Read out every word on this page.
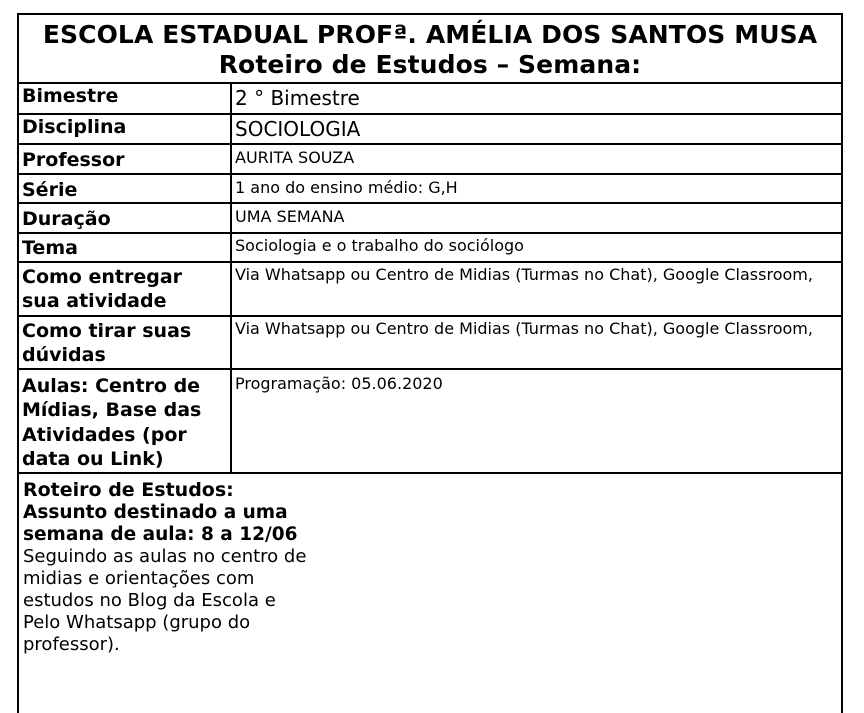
ESCOLA ESTADUAL PROFª. AMÉLIA DOS SANTOS MUSA
Roteiro de Estudos – Semana:
Bimestre	2 ° Bimestre
Disciplina	SOCIOLOGIA
Professor	AURITA SOUZA
Série	1 ano do ensino médio: G,H
Duração	UMA SEMANA
Tema	Sociologia e o trabalho do sociólogo
Como entregar sua atividade	Via Whatsapp ou Centro de Midias (Turmas no Chat), Google Classroom,
Como tirar suas dúvidas	Via Whatsapp ou Centro de Midias (Turmas no Chat), Google Classroom,
Aulas: Centro de Mídias, Base das Atividades (por data ou Link)	Programação: 05.06.2020
Roteiro de Estudos:
Assunto destinado a uma semana de aula: 8 a 12/06
Seguindo as aulas no centro de midias e orientações com estudos no Blog da Escola e Pelo Whatsapp (grupo do professor).
